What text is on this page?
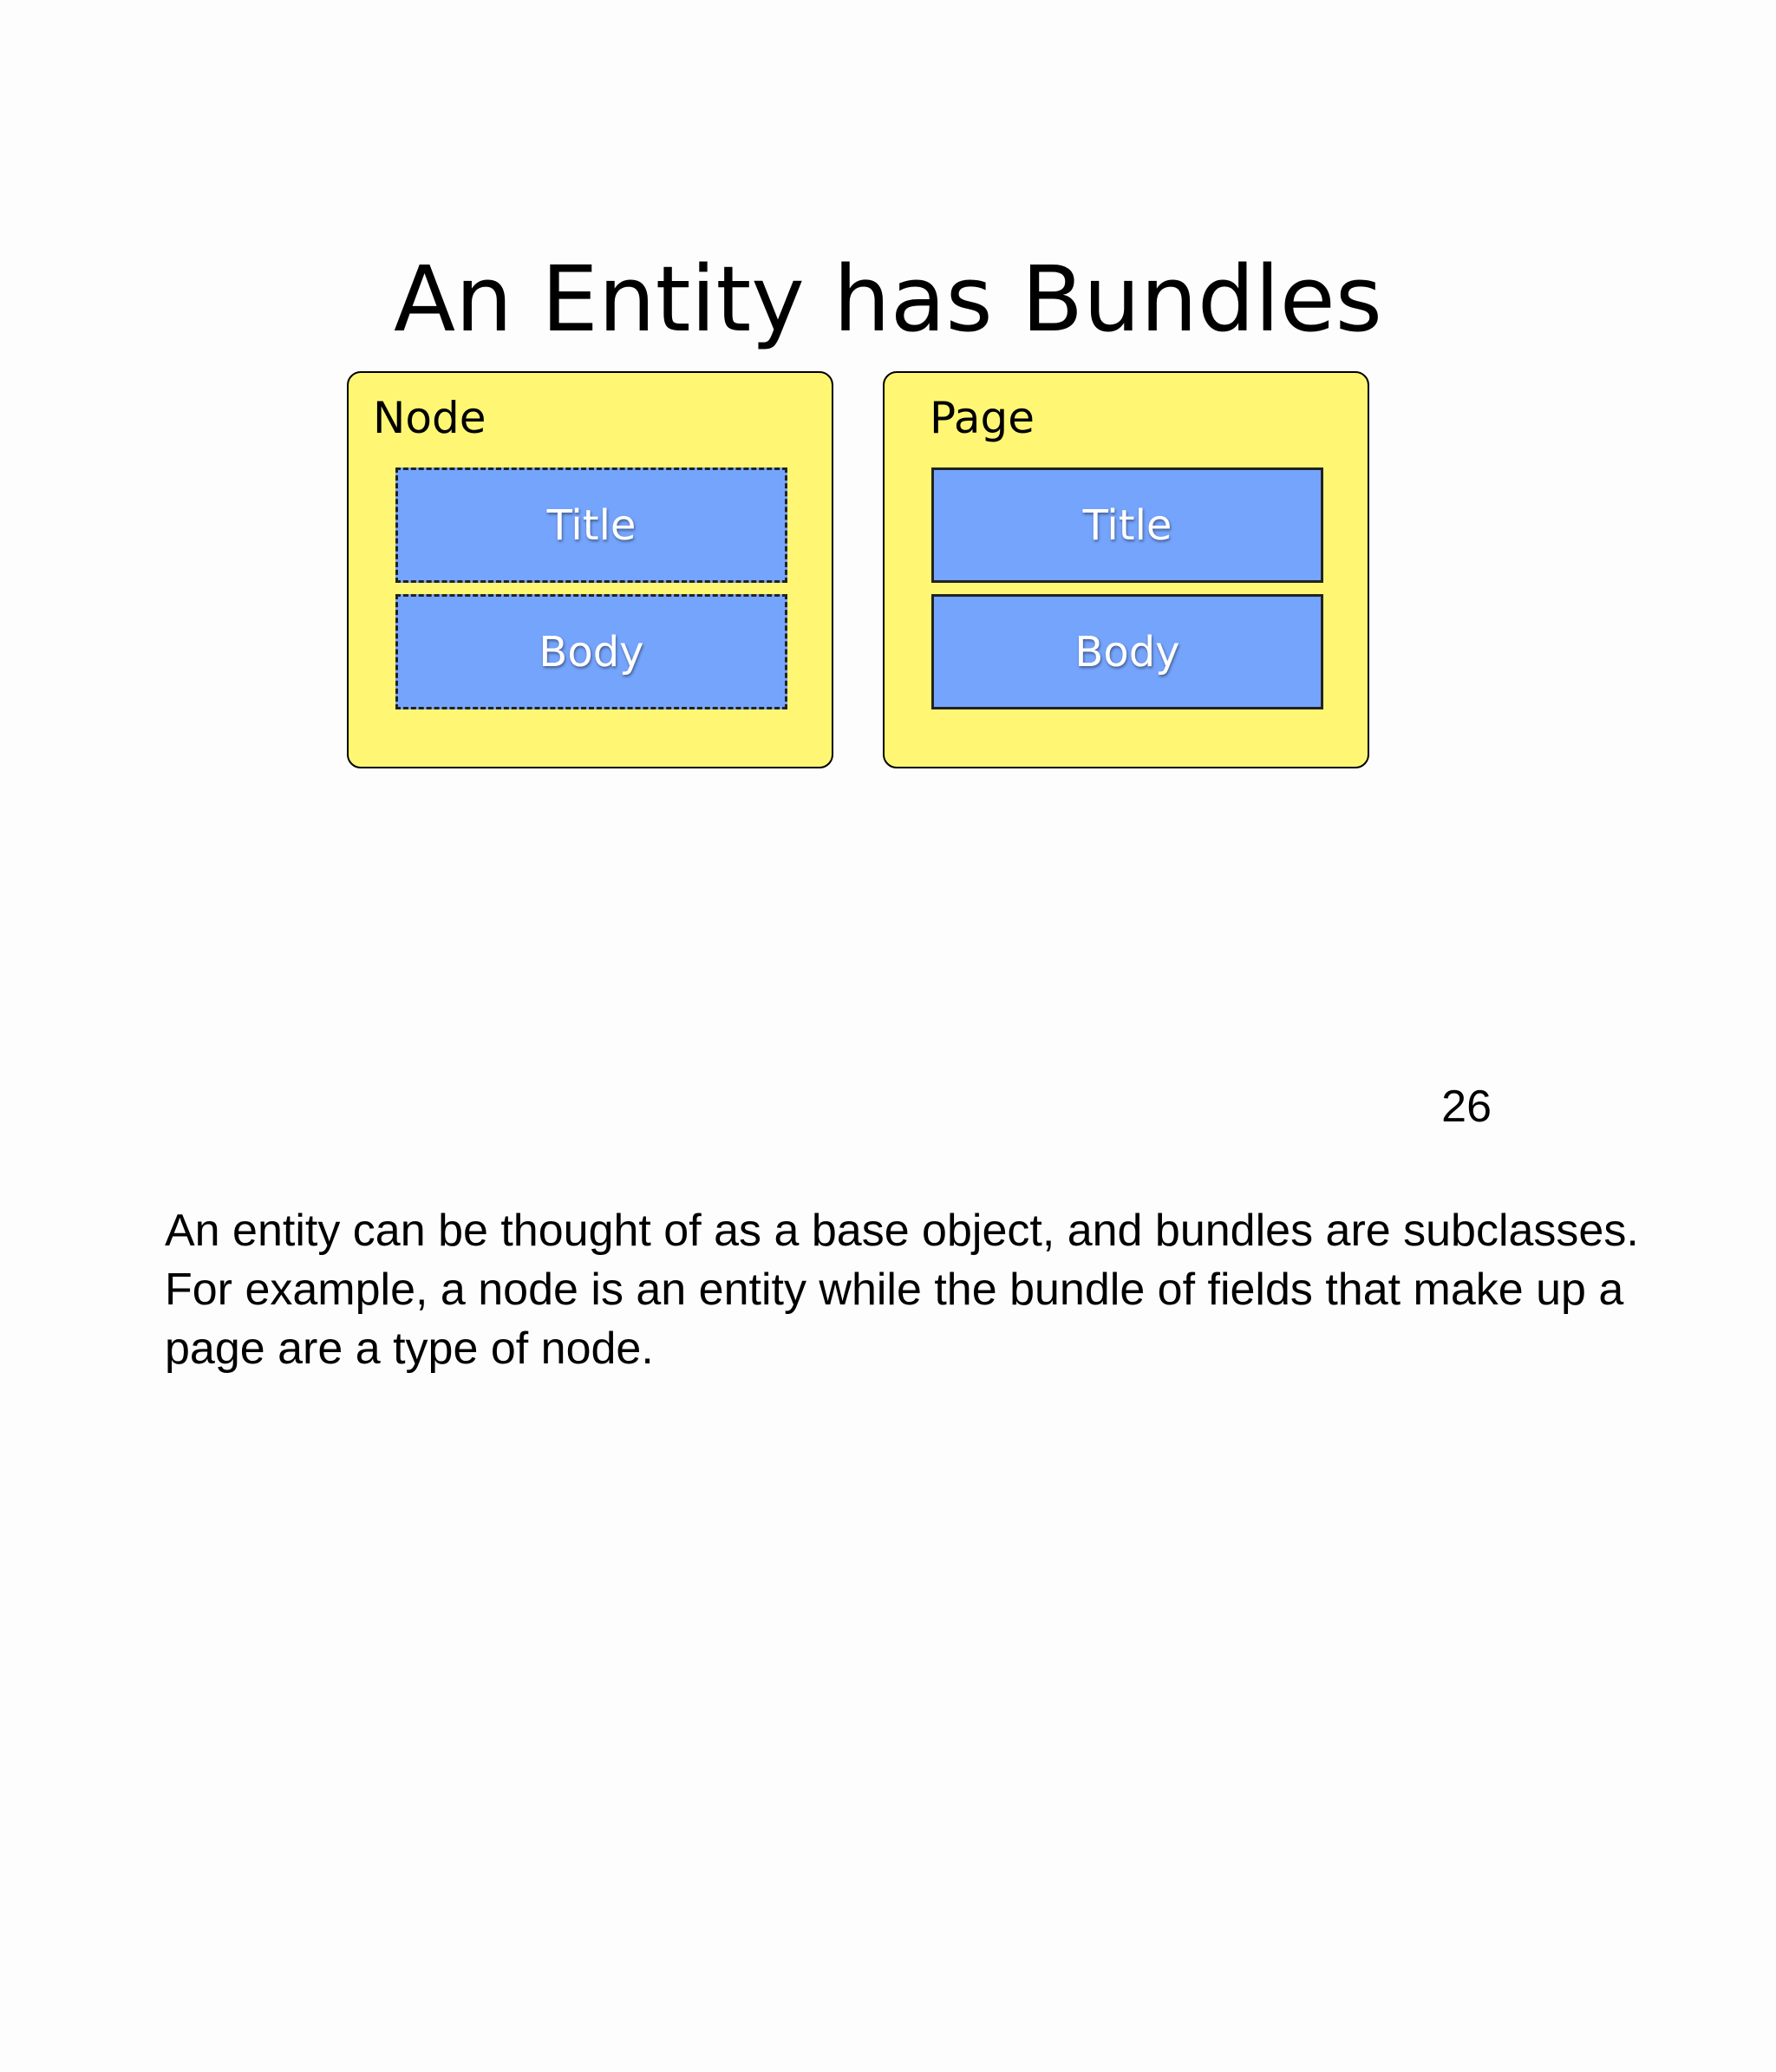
An Entity has Bundles
Node
Title
Body
Page
Title
Body
26

An entity can be thought of as a base object, and bundles are subclasses. For example, a node is an entity while the bundle of fields that make up a page are a type of node.
